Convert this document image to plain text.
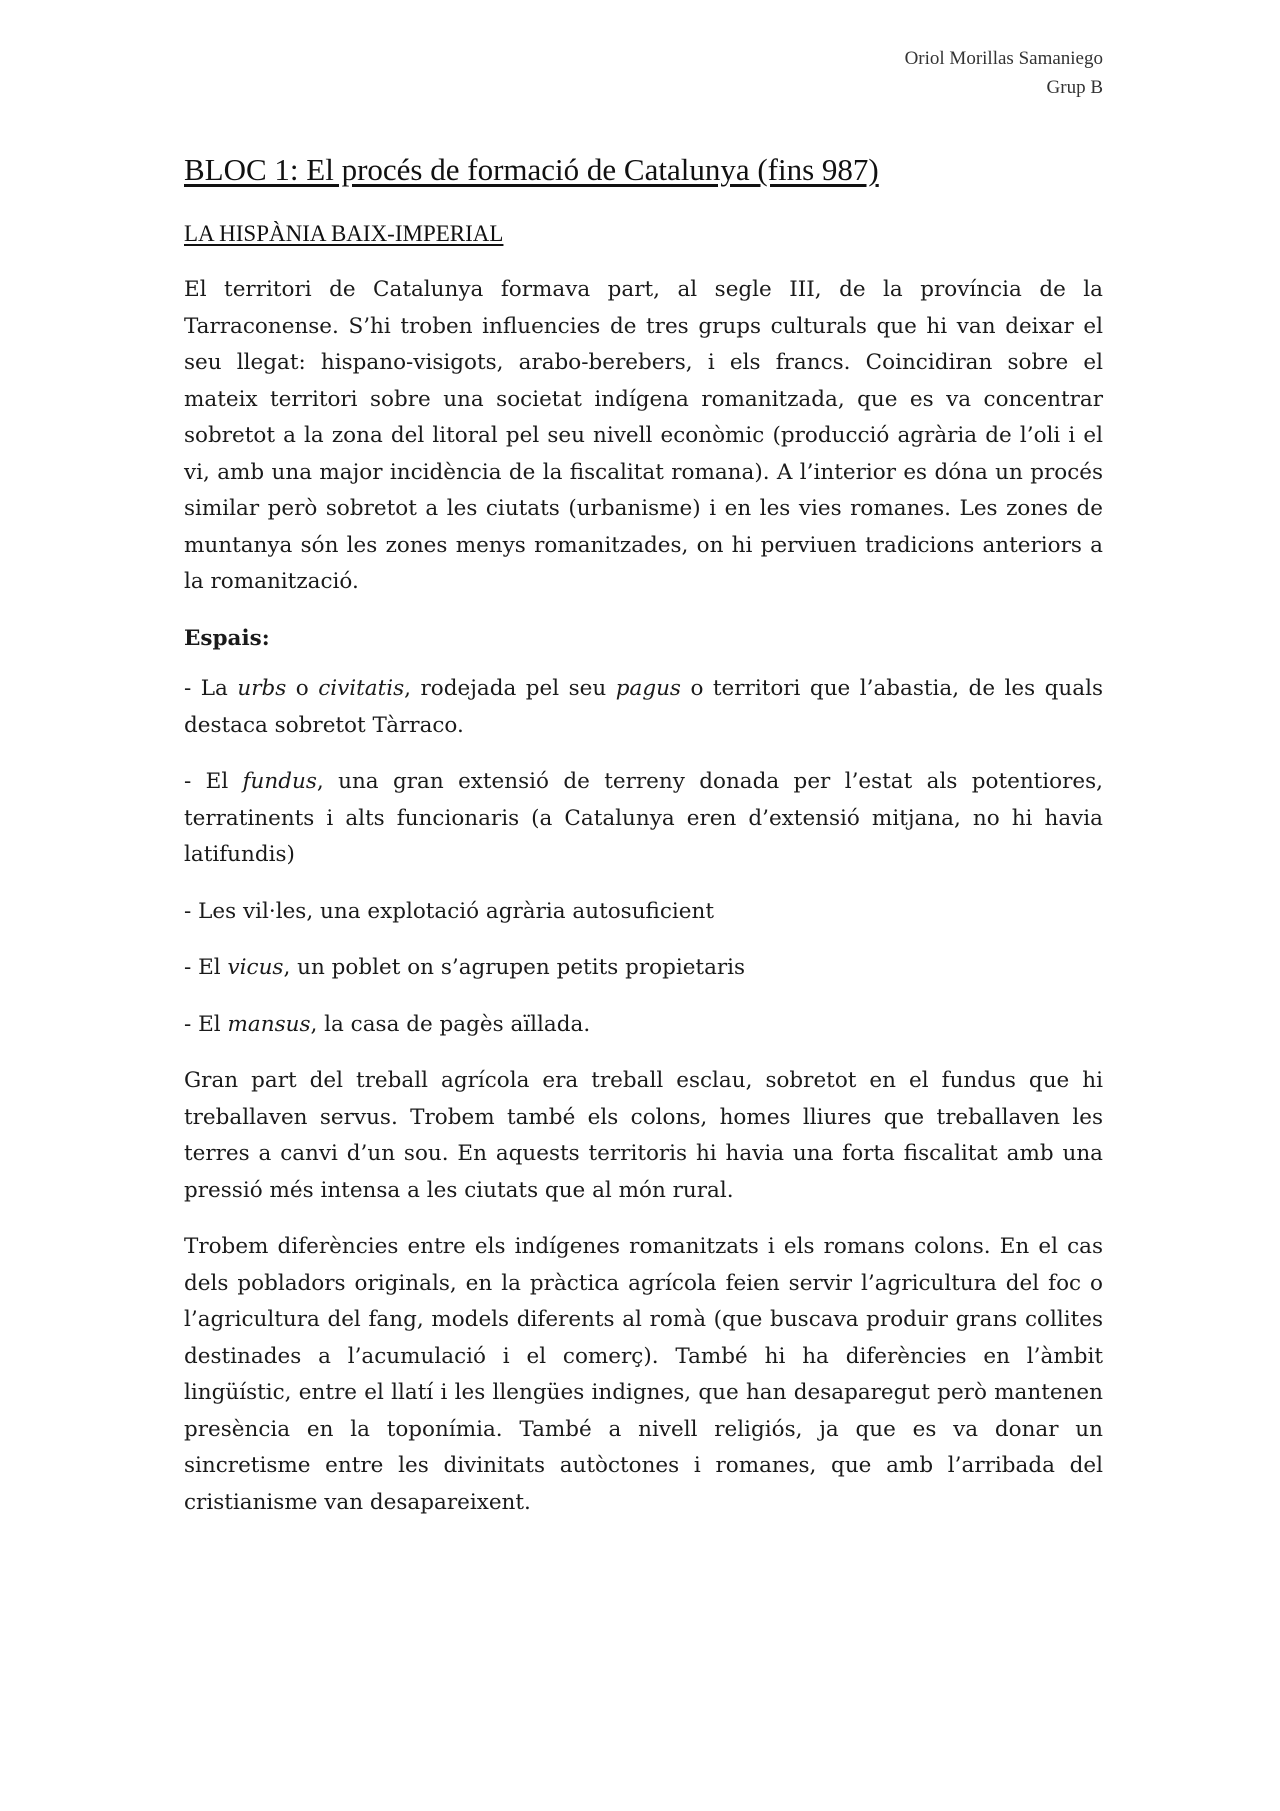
Oriol Morillas Samaniego
Grup B
BLOC 1: El procés de formació de Catalunya (fins 987)
LA HISPÀNIA BAIX-IMPERIAL

El territori de Catalunya formava part, al segle III, de la província de la Tarraconense. S’hi troben influencies de tres grups culturals que hi van deixar el seu llegat: hispano-visigots, arabo-berebers, i els francs. Coincidiran sobre el mateix territori sobre una societat indígena romanitzada, que es va concentrar sobretot a la zona del litoral pel seu nivell econòmic (producció agrària de l’oli i el vi, amb una major incidència de la fiscalitat romana). A l’interior es dóna un procés similar però sobretot a les ciutats (urbanisme) i en les vies romanes. Les zones de muntanya són les zones menys romanitzades, on hi perviuen tradicions anteriors a la romanització.

Espais:

- La urbs o civitatis, rodejada pel seu pagus o territori que l’abastia, de les quals destaca sobretot Tàrraco.

- El fundus, una gran extensió de terreny donada per l’estat als potentiores, terratinents i alts funcionaris (a Catalunya eren d’extensió mitjana, no hi havia latifundis)

- Les vil·les, una explotació agrària autosuficient

- El vicus, un poblet on s’agrupen petits propietaris

- El mansus, la casa de pagès aïllada.

Gran part del treball agrícola era treball esclau, sobretot en el fundus que hi treballaven servus. Trobem també els colons, homes lliures que treballaven les terres a canvi d’un sou. En aquests territoris hi havia una forta fiscalitat amb una pressió més intensa a les ciutats que al món rural.

Trobem diferències entre els indígenes romanitzats i els romans colons. En el cas dels pobladors originals, en la pràctica agrícola feien servir l’agricultura del foc o l’agricultura del fang, models diferents al romà (que buscava produir grans collites destinades a l’acumulació i el comerç). També hi ha diferències en l’àmbit lingüístic, entre el llatí i les llengües indignes, que han desaparegut però mantenen presència en la toponímia. També a nivell religiós, ja que es va donar un sincretisme entre les divinitats autòctones i romanes, que amb l’arribada del cristianisme van desapareixent.
